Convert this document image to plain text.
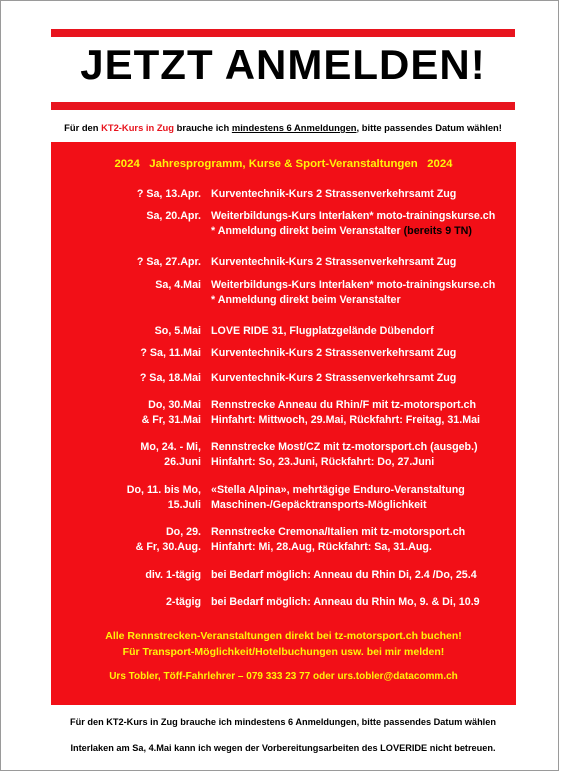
JETZT ANMELDEN!
Für den KT2-Kurs in Zug brauche ich mindestens 6 Anmeldungen, bitte passendes Datum wählen!
2024   Jahresprogramm, Kurse & Sport-Veranstaltungen   2024
? Sa, 13.Apr. Kurventechnik-Kurs 2 Strassenverkehrsamt Zug
Sa, 20.Apr. Weiterbildungs-Kurs Interlaken* moto-trainingskurse.ch
* Anmeldung direkt beim Veranstalter (bereits 9 TN)
? Sa, 27.Apr. Kurventechnik-Kurs 2 Strassenverkehrsamt Zug
Sa, 4.Mai Weiterbildungs-Kurs Interlaken* moto-trainingskurse.ch
* Anmeldung direkt beim Veranstalter
So, 5.Mai LOVE RIDE 31, Flugplatzgelände Dübendorf
? Sa, 11.Mai Kurventechnik-Kurs 2 Strassenverkehrsamt Zug
? Sa, 18.Mai Kurventechnik-Kurs 2 Strassenverkehrsamt Zug
Do, 30.Mai
& Fr, 31.Mai
Rennstrecke Anneau du Rhin/F mit tz-motorsport.ch
Hinfahrt: Mittwoch, 29.Mai, Rückfahrt: Freitag, 31.Mai
Mo, 24. - Mi,
26.Juni
Rennstrecke Most/CZ mit tz-motorsport.ch (ausgeb.)
Hinfahrt: So, 23.Juni, Rückfahrt: Do, 27.Juni
Do, 11. bis Mo,
15.Juli
«Stella Alpina», mehrtägige Enduro-Veranstaltung
Maschinen-/Gepäcktransports-Möglichkeit
Do, 29.
& Fr, 30.Aug.
Rennstrecke Cremona/Italien mit tz-motorsport.ch
Hinfahrt: Mi, 28.Aug, Rückfahrt: Sa, 31.Aug.
div. 1-tägig bei Bedarf möglich: Anneau du Rhin Di, 2.4 /Do, 25.4
2-tägig bei Bedarf möglich: Anneau du Rhin Mo, 9. & Di, 10.9
Alle Rennstrecken-Veranstaltungen direkt bei tz-motorsport.ch buchen!
Für Transport-Möglichkeit/Hotelbuchungen usw. bei mir melden!
Urs Tobler, Töff-Fahrlehrer – 079 333 23 77 oder urs.tobler@datacomm.ch
Für den KT2-Kurs in Zug brauche ich mindestens 6 Anmeldungen, bitte passendes Datum wählen
Interlaken am Sa, 4.Mai kann ich wegen der Vorbereitungsarbeiten des LOVERIDE nicht betreuen.
